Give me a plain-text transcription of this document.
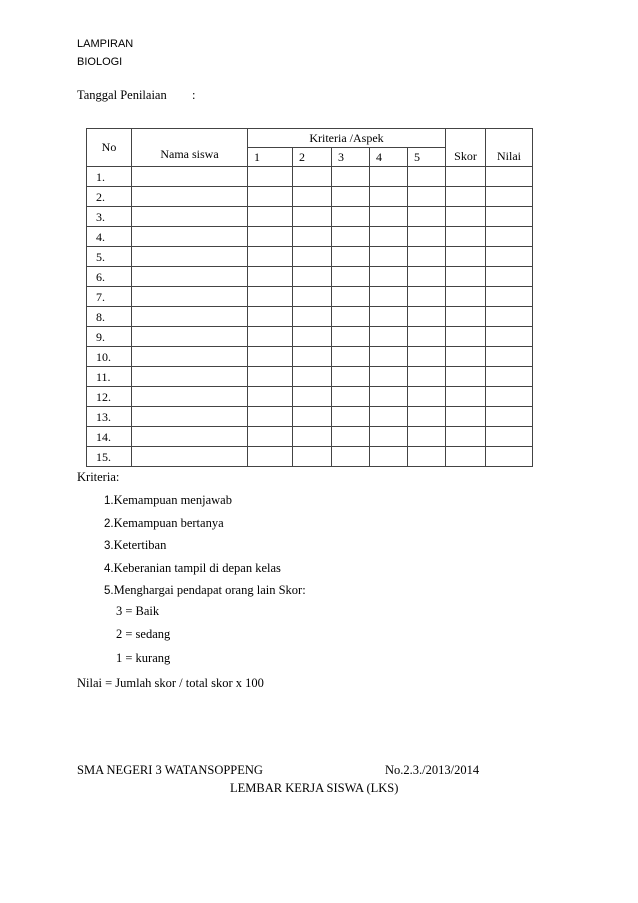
LAMPIRAN
BIOLOGI
Tanggal Penilaian :
No	Nama siswa	Kriteria /Aspek					Skor	Nilai
		1	2	3	4	5		
1.								
2.								
3.								
4.								
5.								
6.								
7.								
8.								
9.								
10.								
11.								
12.								
13.								
14.								
15.								
Kriteria:
1.Kemampuan menjawab
2.Kemampuan bertanya
3.Ketertiban
4.Keberanian tampil di depan kelas
5.Menghargai pendapat orang lain Skor:
3 = Baik
2 = sedang
1 = kurang
Nilai = Jumlah skor / total skor x 100
SMA NEGERI 3 WATANSOPPENG	No.2.3./2013/2014
LEMBAR KERJA SISWA (LKS)
